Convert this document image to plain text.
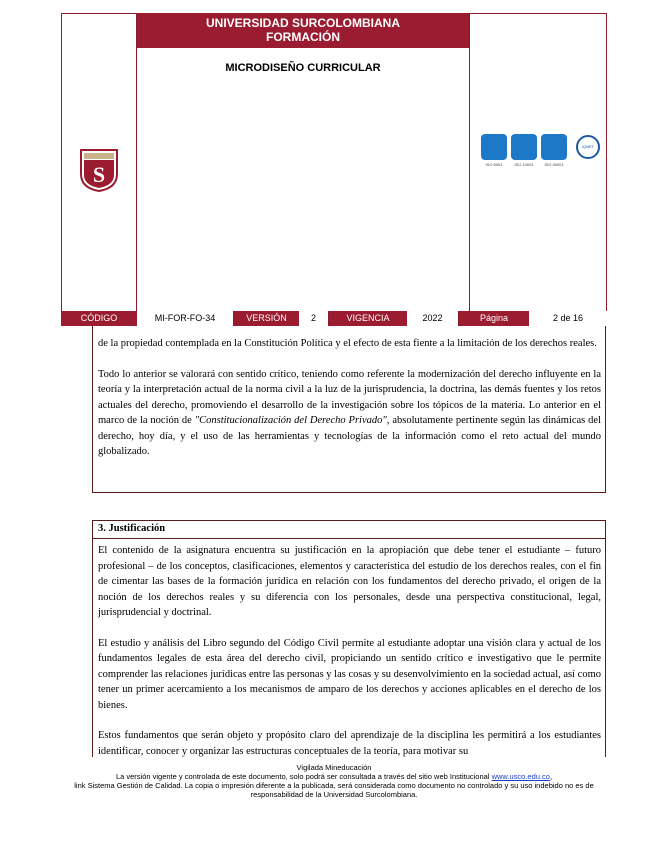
UNIVERSIDAD SURCOLOMBIANA
FORMACIÓN
MICRODISEÑO CURRICULAR
S	ISO 9001	ISO 14001	ISO 45001
IQNET
CÓDIGO	MI-FOR-FO-34	VERSIÓN	2	VIGENCIA	2022	Página	2 de 16

de la propiedad contemplada en la Constitución Política y el efecto de esta fiente a la limitación de los derechos reales.

Todo lo anterior se valorará con sentido crítico, teniendo como referente la modernización del derecho influyente en la teoría y la interpretación actual de la norma civil a la luz de la jurisprudencia, la doctrina, las demás fuentes y los retos actuales del derecho, promoviendo el desarrollo de la investigación sobre los tópicos de la materia. Lo anterior en el marco de la noción de "Constitucionalización del Derecho Privado", absolutamente pertinente según las dinámicas del derecho, hoy día, y el uso de las herramientas y tecnologías de la información como el reto actual del mundo globalizado.

3. Justificación

El contenido de la asignatura encuentra su justificación en la apropiación que debe tener el estudiante – futuro profesional – de los conceptos, clasificaciones, elementos y característica del estudio de los derechos reales, con el fin de cimentar las bases de la formación jurídica en relación con los fundamentos del derecho privado, el origen de la noción de los derechos reales y su diferencia con los personales, desde una perspectiva constitucional, legal, jurisprudencial y doctrinal.

El estudio y análisis del Libro segundo del Código Civil permite al estudiante adoptar una visión clara y actual de los fundamentos legales de esta área del derecho civil, propiciando un sentido crítico e investigativo que le permite comprender las relaciones jurídicas entre las personas y las cosas y su desenvolvimiento en la sociedad actual, así como tener un primer acercamiento a los mecanismos de amparo de los derechos y acciones aplicables en el derecho de los bienes.

Estos fundamentos que serán objeto y propósito claro del aprendizaje de la disciplina les permitirá a los estudiantes identificar, conocer y organizar las estructuras conceptuales de la teoría, para motivar su

Vigilada Mineducación
La versión vigente y controlada de este documento, solo podrá ser consultada a través del sitio web Institucional www.usco.edu.co,
link Sistema Gestión de Calidad. La copia o impresión diferente a la publicada, será considerada como documento no controlado y su uso indebido no es de responsabilidad de la Universidad Surcolombiana.
